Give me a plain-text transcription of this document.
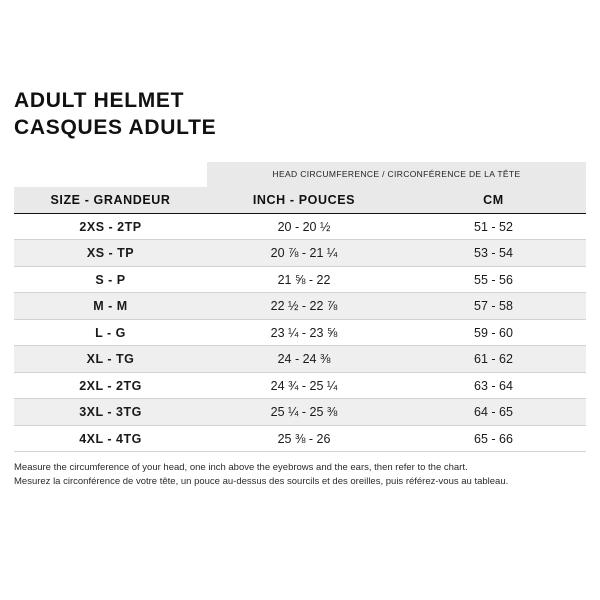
ADULT HELMET
CASQUES ADULTE
	HEAD CIRCUMFERENCE / CIRCONFÉRENCE DE LA TÊTE	
SIZE - GRANDEUR	INCH - POUCES	CM
2XS - 2TP	20 - 20 ½	51 - 52
XS - TP	20 ⅞ - 21 ¼	53 - 54
S - P	21 ⅝ - 22	55 - 56
M - M	22 ½ - 22 ⅞	57 - 58
L - G	23 ¼ - 23 ⅝	59 - 60
XL - TG	24 - 24 ⅜	61 - 62
2XL - 2TG	24 ¾ - 25 ¼	63 - 64
3XL - 3TG	25 ¼ - 25 ⅜	64 - 65
4XL - 4TG	25 ⅜ - 26	65 - 66
Measure the circumference of your head, one inch above the eyebrows and the ears, then refer to the chart.
Mesurez la circonférence de votre tête, un pouce au-dessus des sourcils et des oreilles, puis référez-vous au tableau.
